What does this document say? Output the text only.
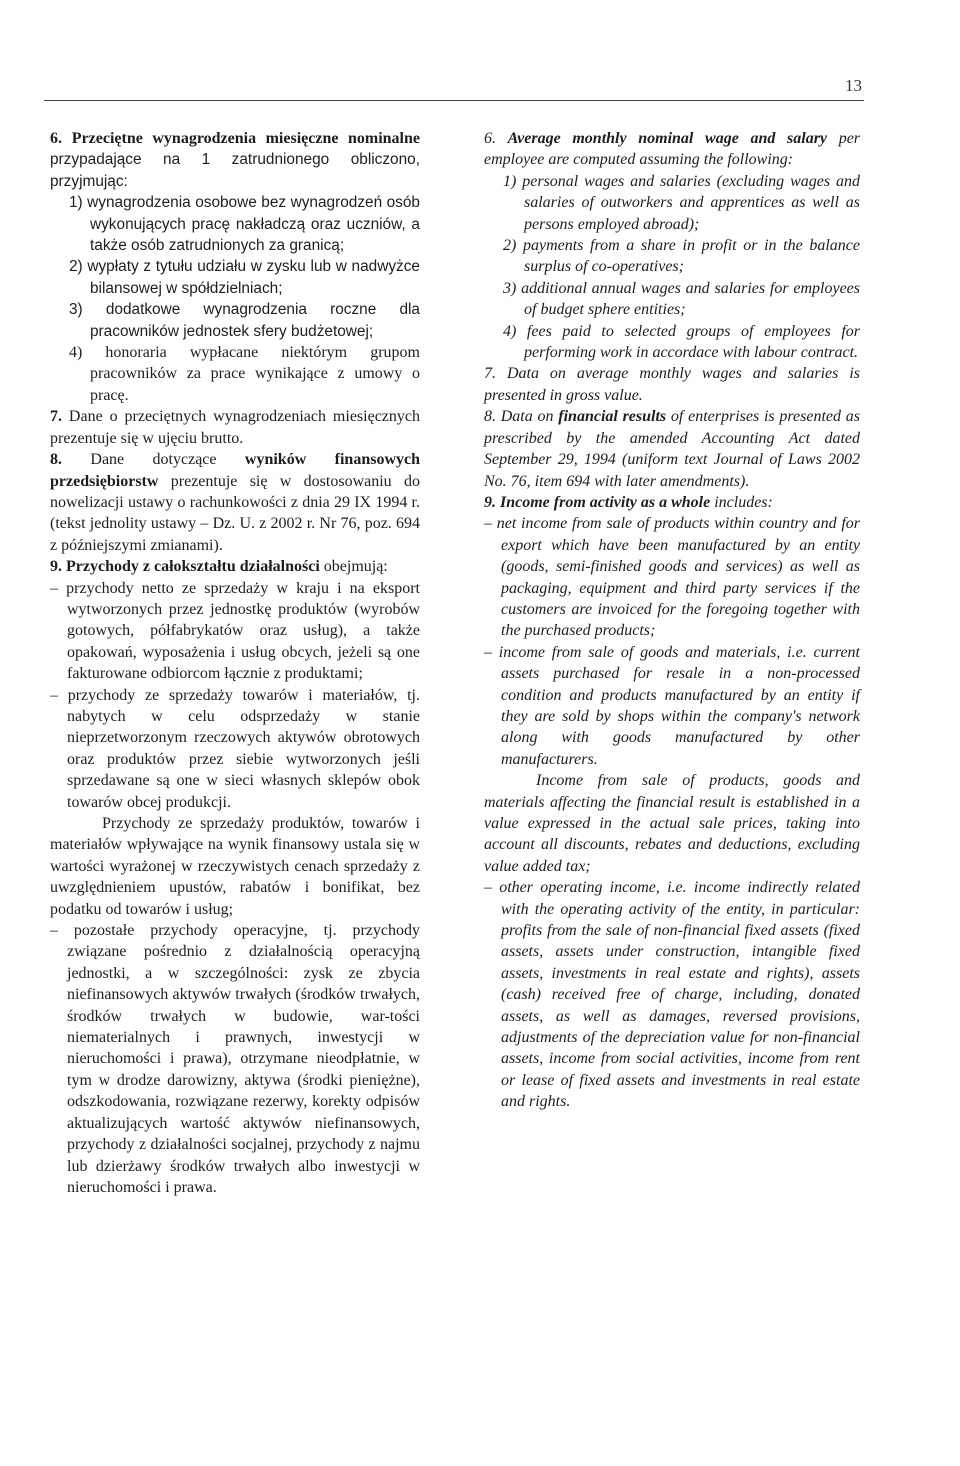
13

6. Przeciętne wynagrodzenia miesięczne nominalne przypadające na 1 zatrudnionego obliczono, przyjmując:

1) wynagrodzenia osobowe bez wynagrodzeń osób wykonujących pracę nakładczą oraz uczniów, a także osób zatrudnionych za granicą;

2) wypłaty z tytułu udziału w zysku lub w nadwyżce bilansowej w spółdzielniach;

3) dodatkowe wynagrodzenia roczne dla pracowników jednostek sfery budżetowej;

4) honoraria wypłacane niektórym grupom pracowników za prace wynikające z umowy o pracę.

7. Dane o przeciętnych wynagrodzeniach miesięcznych prezentuje się w ujęciu brutto.

8. Dane dotyczące wyników finansowych przedsiębiorstw prezentuje się w dostosowaniu do nowelizacji ustawy o rachunkowości z dnia 29 IX 1994 r. (tekst jednolity ustawy – Dz. U. z 2002 r. Nr 76, poz. 694 z późniejszymi zmianami).

9. Przychody z całokształtu działalności obejmują:

– przychody netto ze sprzedaży w kraju i na eksport wytworzonych przez jednostkę produktów (wyrobów gotowych, półfabrykatów oraz usług), a także opakowań, wyposażenia i usług obcych, jeżeli są one fakturowane odbiorcom łącznie z produktami;

– przychody ze sprzedaży towarów i materiałów, tj. nabytych w celu odsprzedaży w stanie nieprzetworzonym rzeczowych aktywów obrotowych oraz produktów przez siebie wytworzonych jeśli sprzedawane są one w sieci własnych sklepów obok towarów obcej produkcji.

Przychody ze sprzedaży produktów, towarów i materiałów wpływające na wynik finansowy ustala się w wartości wyrażonej w rzeczywistych cenach sprzedaży z uwzględnieniem upustów, rabatów i bonifikat, bez podatku od towarów i usług;

– pozostałe przychody operacyjne, tj. przychody związane pośrednio z działalnością operacyjną jednostki, a w szczególności: zysk ze zbycia niefinansowych aktywów trwałych (środków trwałych, środków trwałych w budowie, war-tości niematerialnych i prawnych, inwestycji w nieruchomości i prawa), otrzymane nieodpłatnie, w tym w drodze darowizny, aktywa (środki pieniężne), odszkodowania, rozwiązane rezerwy, korekty odpisów aktualizujących wartość aktywów niefinansowych, przychody z działalności socjalnej, przychody z najmu lub dzierżawy środków trwałych albo inwestycji w nieruchomości i prawa.

6. Average monthly nominal wage and salary per employee are computed assuming the following:

1) personal wages and salaries (excluding wages and salaries of outworkers and apprentices as well as persons employed abroad);

2) payments from a share in profit or in the balance surplus of co-operatives;

3) additional annual wages and salaries for employees of budget sphere entities;

4) fees paid to selected groups of employees for performing work in accordace with labour contract.

7. Data on average monthly wages and salaries is presented in gross value.

8. Data on financial results of enterprises is presented as prescribed by the amended Accounting Act dated September 29, 1994 (uniform text Journal of Laws 2002 No. 76, item 694 with later amendments).

9. Income from activity as a whole includes:

– net income from sale of products within country and for export which have been manufactured by an entity (goods, semi-finished goods and services) as well as packaging, equipment and third party services if the customers are invoiced for the foregoing together with the purchased products;

– income from sale of goods and materials, i.e. current assets purchased for resale in a non-processed condition and products manufactured by an entity if they are sold by shops within the company's network along with goods manufactured by other manufacturers.

Income from sale of products, goods and materials affecting the financial result is established in a value expressed in the actual sale prices, taking into account all discounts, rebates and deductions, excluding value added tax;

– other operating income, i.e. income indirectly related with the operating activity of the entity, in particular: profits from the sale of non-financial fixed assets (fixed assets, assets under construction, intangible fixed assets, investments in real estate and rights), assets (cash) received free of charge, including, donated assets, as well as damages, reversed provisions, adjustments of the depreciation value for non-financial assets, income from social activities, income from rent or lease of fixed assets and investments in real estate and rights.
